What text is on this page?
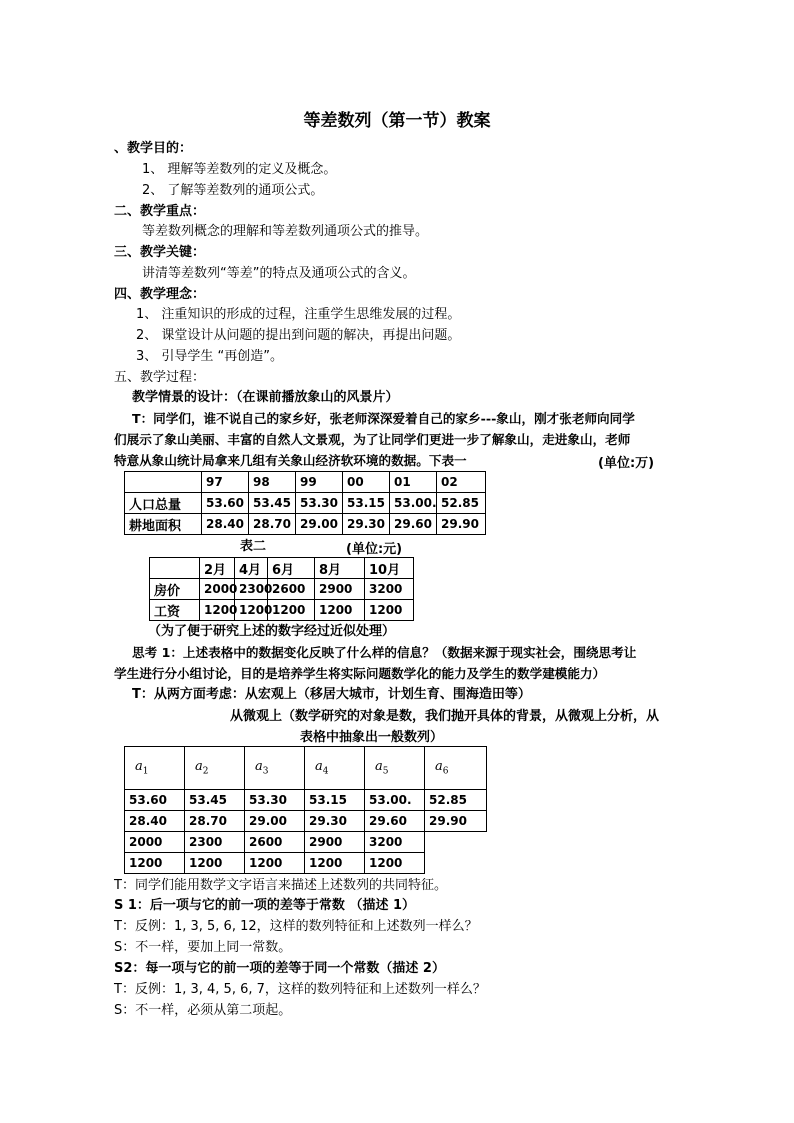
等差数列（第一节）教案
、教学目的：
1、 理解等差数列的定义及概念。
2、 了解等差数列的通项公式。
二、教学重点：
等差数列概念的理解和等差数列通项公式的推导。
三、教学关键：
讲清等差数列“等差”的特点及通项公式的含义。
四、教学理念：
1、 注重知识的形成的过程，注重学生思维发展的过程。
2、 课堂设计从问题的提出到问题的解决，再提出问题。
3、 引导学生 “再创造”。
五、教学过程：
教学情景的设计：（在课前播放象山的风景片）
T：同学们，谁不说自己的家乡好，张老师深深爱着自己的家乡---象山，刚才张老师向同学
们展示了象山美丽、丰富的自然人文景观，为了让同学们更进一步了解象山，走进象山，老师
特意从象山统计局拿来几组有关象山经济软环境的数据。下表一	(单位:万)
	97	98	99	00	01	02
人口总量	53.60	53.45	53.30	53.15	53.00.	52.85
耕地面积	28.40	28.70	29.00	29.30	29.60	29.90
表二	(单位:元)
	2月	4月	6月	8月	10月
房价	2000	2300	2600	2900	3200
工资	1200	1200	1200	1200	1200
（为了便于研究上述的数字经过近似处理）
思考 1：上述表格中的数据变化反映了什么样的信息？（数据来源于现实社会，围绕思考让
学生进行分小组讨论，目的是培养学生将实际问题数学化的能力及学生的数学建模能力）
T：从两方面考虑：从宏观上（移居大城市，计划生育、围海造田等）
从微观上（数学研究的对象是数，我们抛开具体的背景，从微观上分析，从
表格中抽象出一般数列）
$a_1$	$a_2$	$a_3$	$a_4$	$a_5$	$a_6$
53.60	53.45	53.30	53.15	53.00.	52.85
28.40	28.70	29.00	29.30	29.60	29.90
2000	2300	2600	2900	3200	
1200	1200	1200	1200	1200	
T：同学们能用数学文字语言来描述上述数列的共同特征。
S 1：后一项与它的前一项的差等于常数 （描述 1）
T：反例：1, 3, 5, 6, 12，这样的数列特征和上述数列一样么？
S：不一样，要加上同一常数。
S2：每一项与它的前一项的差等于同一个常数（描述 2）
T：反例：1, 3, 4, 5, 6, 7，这样的数列特征和上述数列一样么？
S：不一样，必须从第二项起。
